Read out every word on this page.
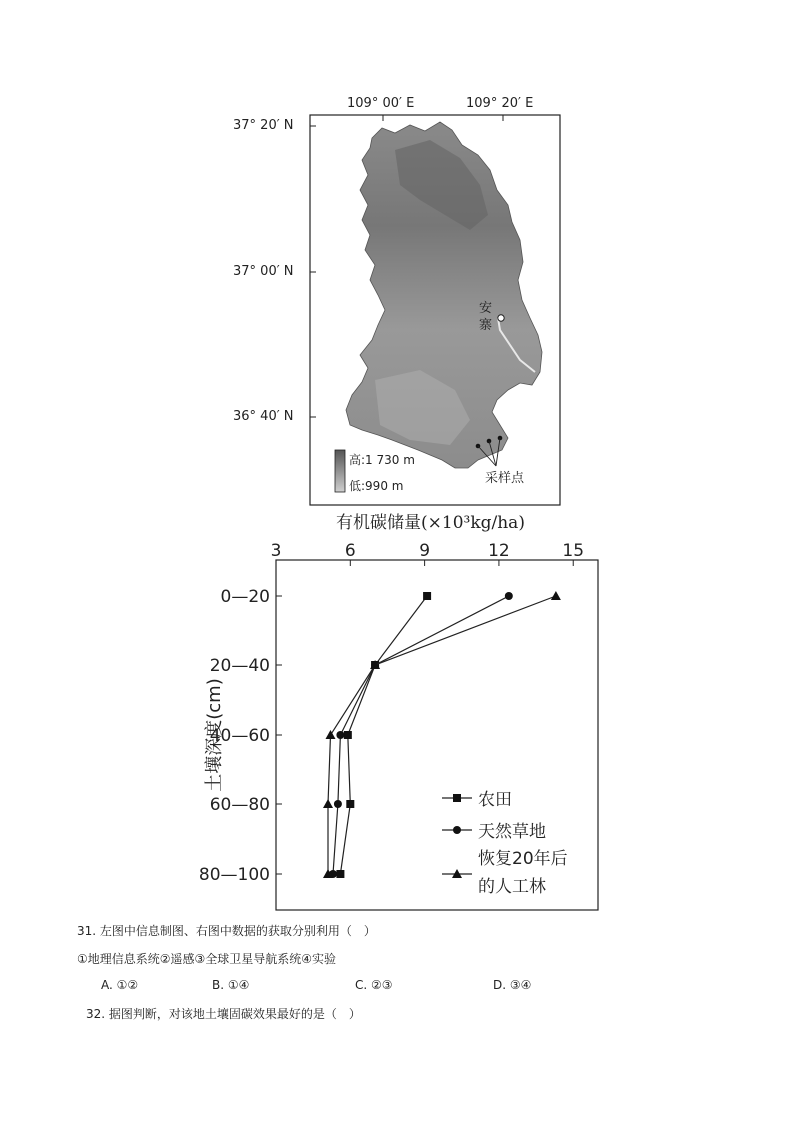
109° 00′ E	109° 20′ E
37° 20′ N
37° 00′ N
36° 40′ N
安
寨
采样点
高:1 730 m
低:990 m
有机碳储量(×10³kg/ha)
3	6	9	12	15
0—20
20—40
40—60
60—80
80—100
土壤深度(cm)
农田
天然草地
恢复20年后
的人工林
31. 左图中信息制图、右图中数据的获取分别利用（　）
①地理信息系统②遥感③全球卫星导航系统④实验
A. ①②	B. ①④	C. ②③	D. ③④
32. 据图判断，对该地土壤固碳效果最好的是（　）
